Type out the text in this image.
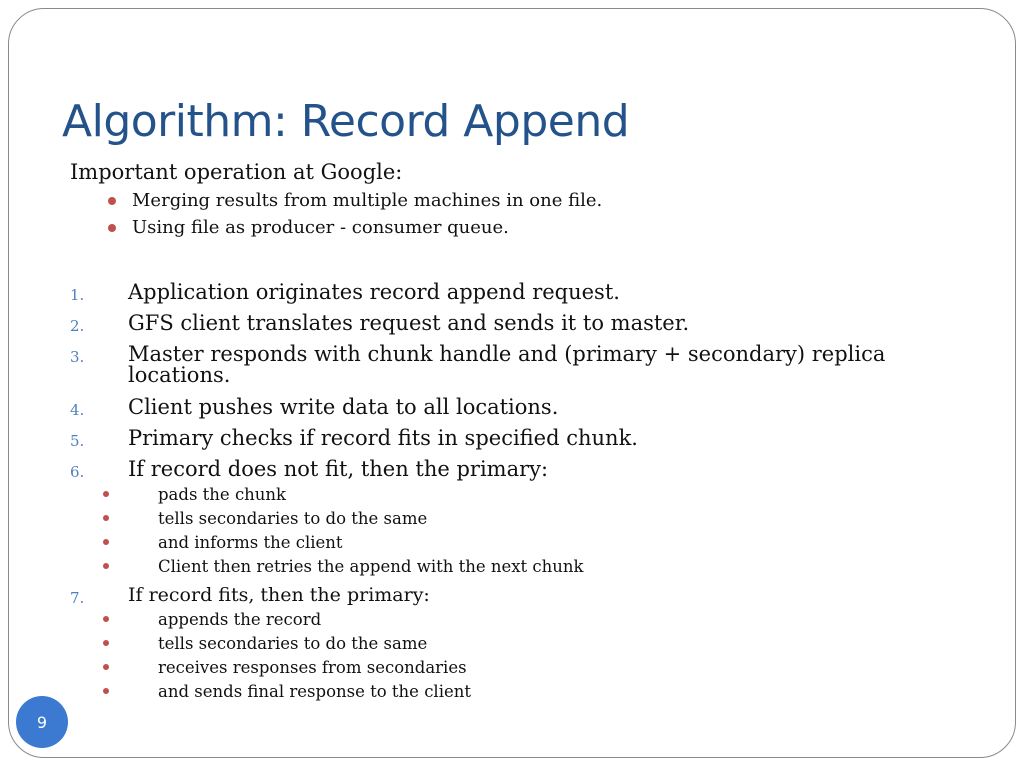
Algorithm: Record Append
Important operation at Google:
Merging results from multiple machines in one file.
Using file as producer - consumer queue.
1. Application originates record append request.
2. GFS client translates request and sends it to master.
3. Master responds with chunk handle and (primary + secondary) replica locations.
4. Client pushes write data to all locations.
5. Primary checks if record fits in specified chunk.
6. If record does not fit, then the primary:
pads the chunk
tells secondaries to do the same
and informs the client
Client then retries the append with the next chunk
7. If record fits, then the primary:
appends the record
tells secondaries to do the same
receives responses from secondaries
and sends final response to the client
9
